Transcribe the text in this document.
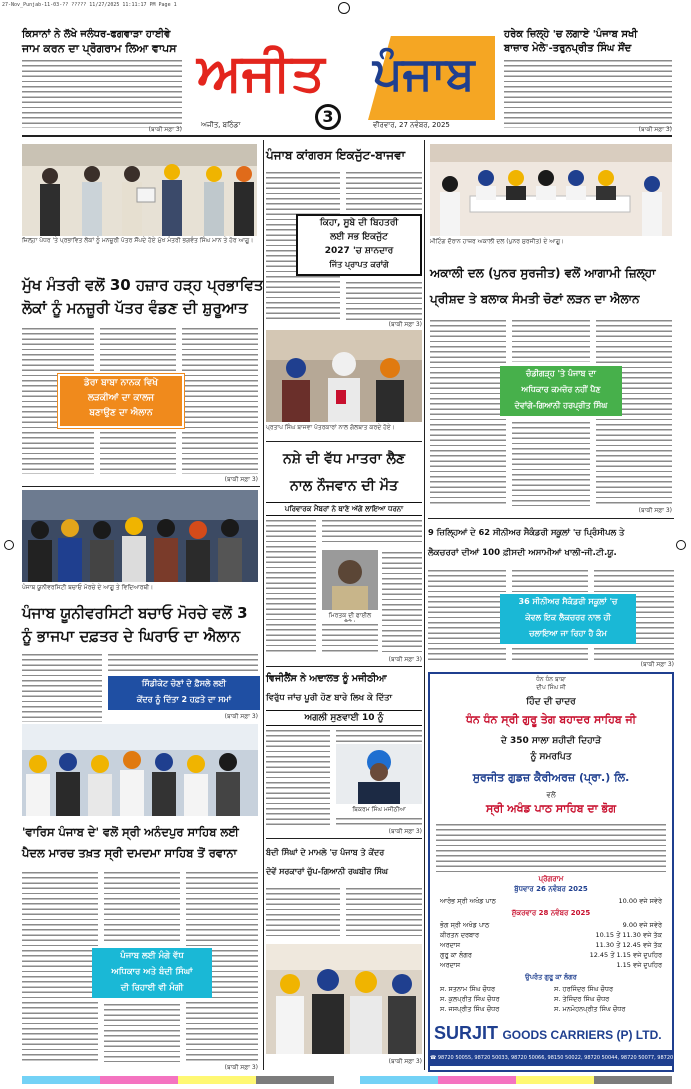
27-Nov_Punjab-11-03-?? ????? 11/27/2025 11:11:17 PM Page 1
ਅਜੀਤ	ਪੰਜਾਬ
3
ਅਜੀਤ, ਬਠਿੰਡਾ	ਵੀਰਵਾਰ, 27 ਨਵੰਬਰ, 2025
ਕਿਸਾਨਾਂ ਨੇ ਲੱਖੇ ਜਲੰਧਰ-ਫਗਵਾੜਾ ਹਾਈਵੇ
ਜਾਮ ਕਰਨ ਦਾ ਪ੍ਰੋਗਰਾਮ ਲਿਆ ਵਾਪਸ
(ਬਾਕੀ ਸਫ਼ਾ 3)
ਹਰੇਕ ਜ਼ਿਲ੍ਹੇ 'ਚ ਲਗਾਏ 'ਪੰਜਾਬ ਸਖੀ
ਬਾਜ਼ਾਰ ਮੇਲੇ'-ਤਰੁਨਪ੍ਰੀਤ ਸਿੰਘ ਸੌਂਦ
(ਬਾਕੀ ਸਫ਼ਾ 3)
ਜ਼ਿਲ੍ਹਾ ਪੱਧਰ 'ਤੇ ਪ੍ਰਭਾਵਿਤ ਲੋਕਾਂ ਨੂੰ ਮਨਜ਼ੂਰੀ ਪੱਤਰ ਸੌਂਪਦੇ ਹੋਏ ਮੁੱਖ ਮੰਤਰੀ ਭਗਵੰਤ ਸਿੰਘ ਮਾਨ ਤੇ ਹੋਰ ਆਗੂ।
ਮੁੱਖ ਮੰਤਰੀ ਵਲੋਂ 30 ਹਜ਼ਾਰ ਹੜ੍ਹ ਪ੍ਰਭਾਵਿਤ
ਲੋਕਾਂ ਨੂੰ ਮਨਜ਼ੂਰੀ ਪੱਤਰ ਵੰਡਣ ਦੀ ਸ਼ੁਰੂਆਤ
ਡੇਰਾ ਬਾਬਾ ਨਾਨਕ ਵਿਖੇ
ਲੜਕੀਆਂ ਦਾ ਕਾਲਜ
ਬਣਾਉਣ ਦਾ ਐਲਾਨ
(ਬਾਕੀ ਸਫ਼ਾ 3)
ਪੰਜਾਬ ਯੂਨੀਵਰਸਿਟੀ ਬਚਾਓ ਮੋਰਚੇ ਦੇ ਆਗੂ ਤੇ ਵਿਦਿਆਰਥੀ।
ਪੰਜਾਬ ਯੂਨੀਵਰਸਿਟੀ ਬਚਾਓ ਮੋਰਚੇ ਵਲੋਂ 3
ਨੂੰ ਭਾਜਪਾ ਦਫ਼ਤਰ ਦੇ ਘਿਰਾਓ ਦਾ ਐਲਾਨ
ਸਿੰਡੀਕੇਟ ਚੋਣਾਂ ਦੇ ਫ਼ੈਸਲੇ ਲਈ
ਕੇਂਦਰ ਨੂੰ ਦਿੱਤਾ 2 ਹਫ਼ਤੇ ਦਾ ਸਮਾਂ
(ਬਾਕੀ ਸਫ਼ਾ 3)
'ਵਾਰਿਸ ਪੰਜਾਬ ਦੇ' ਵਲੋਂ ਸ੍ਰੀ ਅਨੰਦਪੁਰ ਸਾਹਿਬ ਲਈ
ਪੈਦਲ ਮਾਰਚ ਤਖ਼ਤ ਸ੍ਰੀ ਦਮਦਮਾ ਸਾਹਿਬ ਤੋਂ ਰਵਾਨਾ
ਪੰਜਾਬ ਲਈ ਮੰਗੇ ਵੱਧ
ਅਧਿਕਾਰ ਅਤੇ ਬੰਦੀ ਸਿੰਘਾਂ
ਦੀ ਰਿਹਾਈ ਵੀ ਮੰਗੀ
(ਬਾਕੀ ਸਫ਼ਾ 3)
ਪੰਜਾਬ ਕਾਂਗਰਸ ਇਕਜੁੱਟ-ਬਾਜਵਾ
ਕਿਹਾ, ਸੂਬੇ ਦੀ ਬਿਹਤਰੀ
ਲਈ ਸਭ ਇਕਜੁੱਟ
2027 'ਚ ਸ਼ਾਨਦਾਰ
ਜਿੱਤ ਪ੍ਰਾਪਤ ਕਰਾਂਗੇ
(ਬਾਕੀ ਸਫ਼ਾ 3)
ਪ੍ਰਤਾਪ ਸਿੰਘ ਬਾਜਵਾ ਪੱਤਰਕਾਰਾਂ ਨਾਲ ਗੱਲਬਾਤ ਕਰਦੇ ਹੋਏ।
ਨਸ਼ੇ ਦੀ ਵੱਧ ਮਾਤਰਾ ਲੈਣ
ਨਾਲ ਨੌਜਵਾਨ ਦੀ ਮੌਤ
ਪਰਿਵਾਰਕ ਮੈਂਬਰਾਂ ਨੇ ਥਾਣੇ ਅੱਗੇ ਲਾਇਆ ਧਰਨਾ
ਮਿਰਤਕ ਦੀ ਫਾਈਲ
(ਬਾਕੀ ਸਫ਼ਾ 3)
ਵਿਜੀਲੈਂਸ ਨੇ ਅਦਾਲਤ ਨੂੰ ਮਜੀਠੀਆ
ਵਿਰੁੱਧ ਜਾਂਚ ਪੂਰੀ ਹੋਣ ਬਾਰੇ ਲਿਖ ਕੇ ਦਿੱਤਾ
ਅਗਲੀ ਸੁਣਵਾਈ 10 ਨੂੰ
ਬਿਕਰਮ ਸਿੰਘ ਮਜੀਠੀਆ
(ਬਾਕੀ ਸਫ਼ਾ 3)
ਮੀਟਿੰਗ ਦੌਰਾਨ ਹਾਜ਼ਰ ਅਕਾਲੀ ਦਲ (ਪੁਨਰ ਸੁਰਜੀਤ) ਦੇ ਆਗੂ।
ਅਕਾਲੀ ਦਲ (ਪੁਨਰ ਸੁਰਜੀਤ) ਵਲੋਂ ਆਗਾਮੀ ਜ਼ਿਲ੍ਹਾ
ਪ੍ਰੀਸ਼ਦ ਤੇ ਬਲਾਕ ਸੰਮਤੀ ਚੋਣਾਂ ਲੜਨ ਦਾ ਐਲਾਨ
ਚੰਡੀਗੜ੍ਹ 'ਤੇ ਪੰਜਾਬ ਦਾ
ਅਧਿਕਾਰ ਕਮਜ਼ੋਰ ਨਹੀਂ ਪੈਣ
ਦੇਵਾਂਗੇ-ਗਿਆਨੀ ਹਰਪ੍ਰੀਤ ਸਿੰਘ
(ਬਾਕੀ ਸਫ਼ਾ 3)
9 ਜ਼ਿਲ੍ਹਿਆਂ ਦੇ 62 ਸੀਨੀਅਰ ਸੈਕੰਡਰੀ ਸਕੂਲਾਂ 'ਚ ਪ੍ਰਿੰਸੀਪਲ ਤੇ
ਲੈਕਚਰਰਾਂ ਦੀਆਂ 100 ਫ਼ੀਸਦੀ ਅਸਾਮੀਆਂ ਖਾਲੀ-ਜੀ.ਟੀ.ਯੂ.
36 ਸੀਨੀਅਰ ਸੈਕੰਡਰੀ ਸਕੂਲਾਂ 'ਚ
ਕੇਵਲ ਇਕ ਲੈਕਚਰਰ ਨਾਲ ਹੀ
ਚਲਾਇਆ ਜਾ ਰਿਹਾ ਹੈ ਕੰਮ
(ਬਾਕੀ ਸਫ਼ਾ 3)
ਧੰਨ ਧੰਨ ਬਾਬਾ
ਦੀਪ ਸਿੰਘ ਜੀ
ਹਿੰਦ ਦੀ ਚਾਦਰ
ਧੰਨ ਧੰਨ ਸ੍ਰੀ ਗੁਰੂ ਤੇਗ ਬਹਾਦਰ ਸਾਹਿਬ ਜੀ
ਦੇ 350 ਸਾਲਾ ਸ਼ਹੀਦੀ ਦਿਹਾੜੇ
ਨੂੰ ਸਮਰਪਿਤ
ਸੁਰਜੀਤ ਗੁਡਜ਼ ਕੈਰੀਅਰਜ਼ (ਪ੍ਰਾ.) ਲਿ.
ਵਲੋਂ
ਸ੍ਰੀ ਅਖੰਡ ਪਾਠ ਸਾਹਿਬ ਦਾ ਭੋਗ
ਪ੍ਰੋਗਰਾਮ
ਬੁੱਧਵਾਰ 26 ਨਵੰਬਰ 2025
ਆਰੰਭ ਸ੍ਰੀ ਅਖੰਡ ਪਾਠ	10.00 ਵਜੇ ਸਵੇਰੇ
ਸ਼ੁੱਕਰਵਾਰ 28 ਨਵੰਬਰ 2025
ਭੋਗ ਸ੍ਰੀ ਅਖੰਡ ਪਾਠ	9.00 ਵਜੇ ਸਵੇਰੇ
ਕੀਰਤਨ ਦਰਬਾਰ	10.15 ਤੋਂ 11.30 ਵਜੇ ਤੱਕ
ਅਰਦਾਸ	11.30 ਤੋਂ 12.45 ਵਜੇ ਤੱਕ
ਗੁਰੂ ਕਾ ਲੰਗਰ	12.45 ਤੋਂ 1.15 ਵਜੇ ਦੁਪਹਿਰ
ਅਰਦਾਸ	1.15 ਵਜੇ ਦੁਪਹਿਰ
ਉਪਰੰਤ ਗੁਰੂ ਕਾ ਲੰਗਰ
ਸ. ਸਤਨਾਮ ਸਿੰਘ ਚੌਧਰ
ਸ. ਕੁਲਪ੍ਰੀਤ ਸਿੰਘ ਚੌਧਰ
ਸ. ਜਸਪ੍ਰੀਤ ਸਿੰਘ ਚੌਧਰ
ਸ. ਹਰਜਿੰਦਰ ਸਿੰਘ ਚੌਧਰ
ਸ. ਤੇਜਿੰਦਰ ਸਿੰਘ ਚੌਧਰ
ਸ. ਮਨਮੋਹਨਪ੍ਰੀਤ ਸਿੰਘ ਚੌਧਰ
SURJIT GOODS CARRIERS (P) LTD.
☎ 98720 50055, 98720 50033, 98720 50066, 98150 50022, 98720 50044, 98720 50077, 98720 50088
ਬੰਦੀ ਸਿੰਘਾਂ ਦੇ ਮਾਮਲੇ 'ਚ ਪੰਜਾਬ ਤੇ ਕੇਂਦਰ
ਦੋਵੇਂ ਸਰਕਾਰਾਂ ਚੁੱਪ-ਗਿਆਨੀ ਰਘਬੀਰ ਸਿੰਘ
(ਬਾਕੀ ਸਫ਼ਾ 3)
